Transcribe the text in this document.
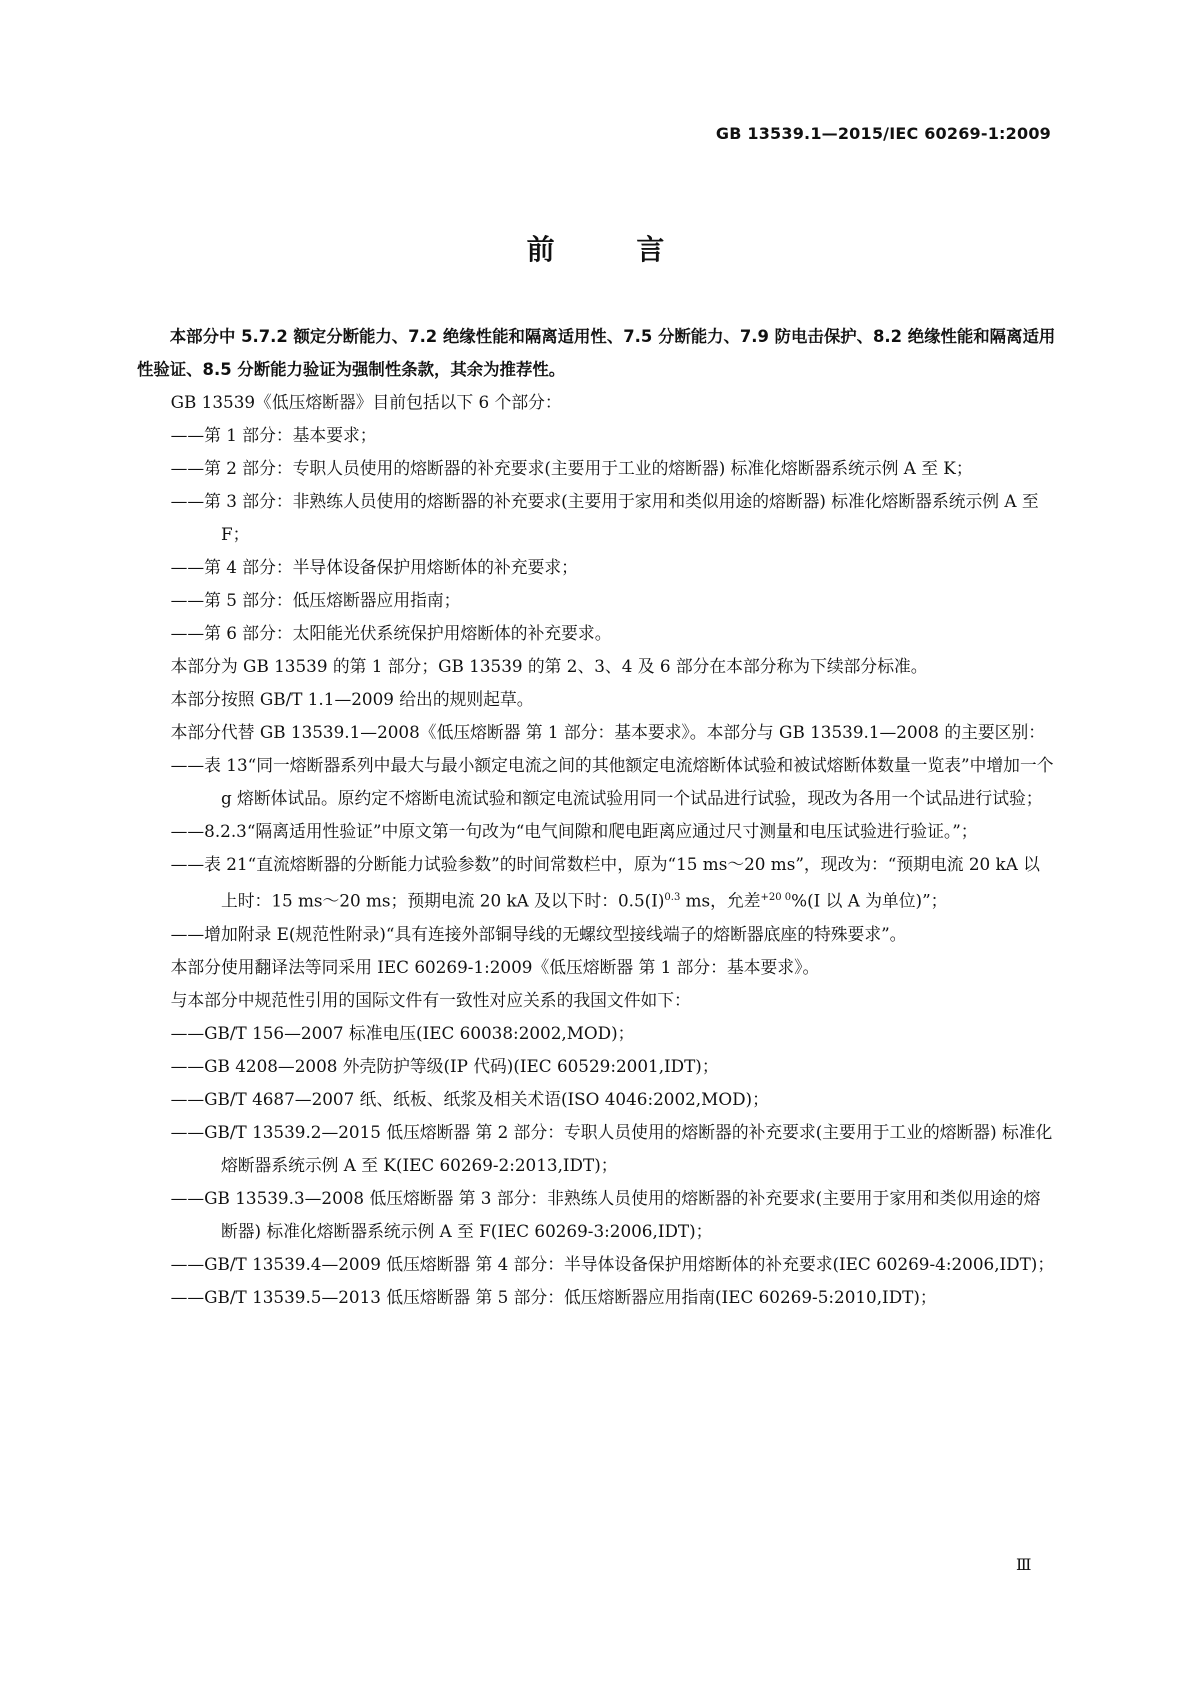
GB 13539.1—2015/IEC 60269-1:2009
前 言

本部分中 5.7.2 额定分断能力、7.2 绝缘性能和隔离适用性、7.5 分断能力、7.9 防电击保护、8.2 绝缘性能和隔离适用性验证、8.5 分断能力验证为强制性条款，其余为推荐性。

GB 13539《低压熔断器》目前包括以下 6 个部分：

——第 1 部分：基本要求；

——第 2 部分：专职人员使用的熔断器的补充要求(主要用于工业的熔断器) 标准化熔断器系统示例 A 至 K；

——第 3 部分：非熟练人员使用的熔断器的补充要求(主要用于家用和类似用途的熔断器) 标准化熔断器系统示例 A 至 F；

——第 4 部分：半导体设备保护用熔断体的补充要求；

——第 5 部分：低压熔断器应用指南；

——第 6 部分：太阳能光伏系统保护用熔断体的补充要求。

本部分为 GB 13539 的第 1 部分；GB 13539 的第 2、3、4 及 6 部分在本部分称为下续部分标准。

本部分按照 GB/T 1.1—2009 给出的规则起草。

本部分代替 GB 13539.1—2008《低压熔断器 第 1 部分：基本要求》。本部分与 GB 13539.1—2008 的主要区别：

——表 13“同一熔断器系列中最大与最小额定电流之间的其他额定电流熔断体试验和被试熔断体数量一览表”中增加一个 g 熔断体试品。原约定不熔断电流试验和额定电流试验用同一个试品进行试验，现改为各用一个试品进行试验；

——8.2.3“隔离适用性验证”中原文第一句改为“电气间隙和爬电距离应通过尺寸测量和电压试验进行验证。”；

——表 21“直流熔断器的分断能力试验参数”的时间常数栏中，原为“15 ms～20 ms”，现改为：“预期电流 20 kA 以上时：15 ms～20 ms；预期电流 20 kA 及以下时：$0.5(I)^{0.3}$ ms，允差$^{+20 0}$%(I 以 A 为单位)”；

——增加附录 E(规范性附录)“具有连接外部铜导线的无螺纹型接线端子的熔断器底座的特殊要求”。

本部分使用翻译法等同采用 IEC 60269-1:2009《低压熔断器 第 1 部分：基本要求》。

与本部分中规范性引用的国际文件有一致性对应关系的我国文件如下：

——GB/T 156—2007 标准电压(IEC 60038:2002,MOD)；

——GB 4208—2008 外壳防护等级(IP 代码)(IEC 60529:2001,IDT)；

——GB/T 4687—2007 纸、纸板、纸浆及相关术语(ISO 4046:2002,MOD)；

——GB/T 13539.2—2015 低压熔断器 第 2 部分：专职人员使用的熔断器的补充要求(主要用于工业的熔断器) 标准化熔断器系统示例 A 至 K(IEC 60269-2:2013,IDT)；

——GB 13539.3—2008 低压熔断器 第 3 部分：非熟练人员使用的熔断器的补充要求(主要用于家用和类似用途的熔断器) 标准化熔断器系统示例 A 至 F(IEC 60269-3:2006,IDT)；

——GB/T 13539.4—2009 低压熔断器 第 4 部分：半导体设备保护用熔断体的补充要求(IEC 60269-4:2006,IDT)；

——GB/T 13539.5—2013 低压熔断器 第 5 部分：低压熔断器应用指南(IEC 60269-5:2010,IDT)；

Ⅲ
